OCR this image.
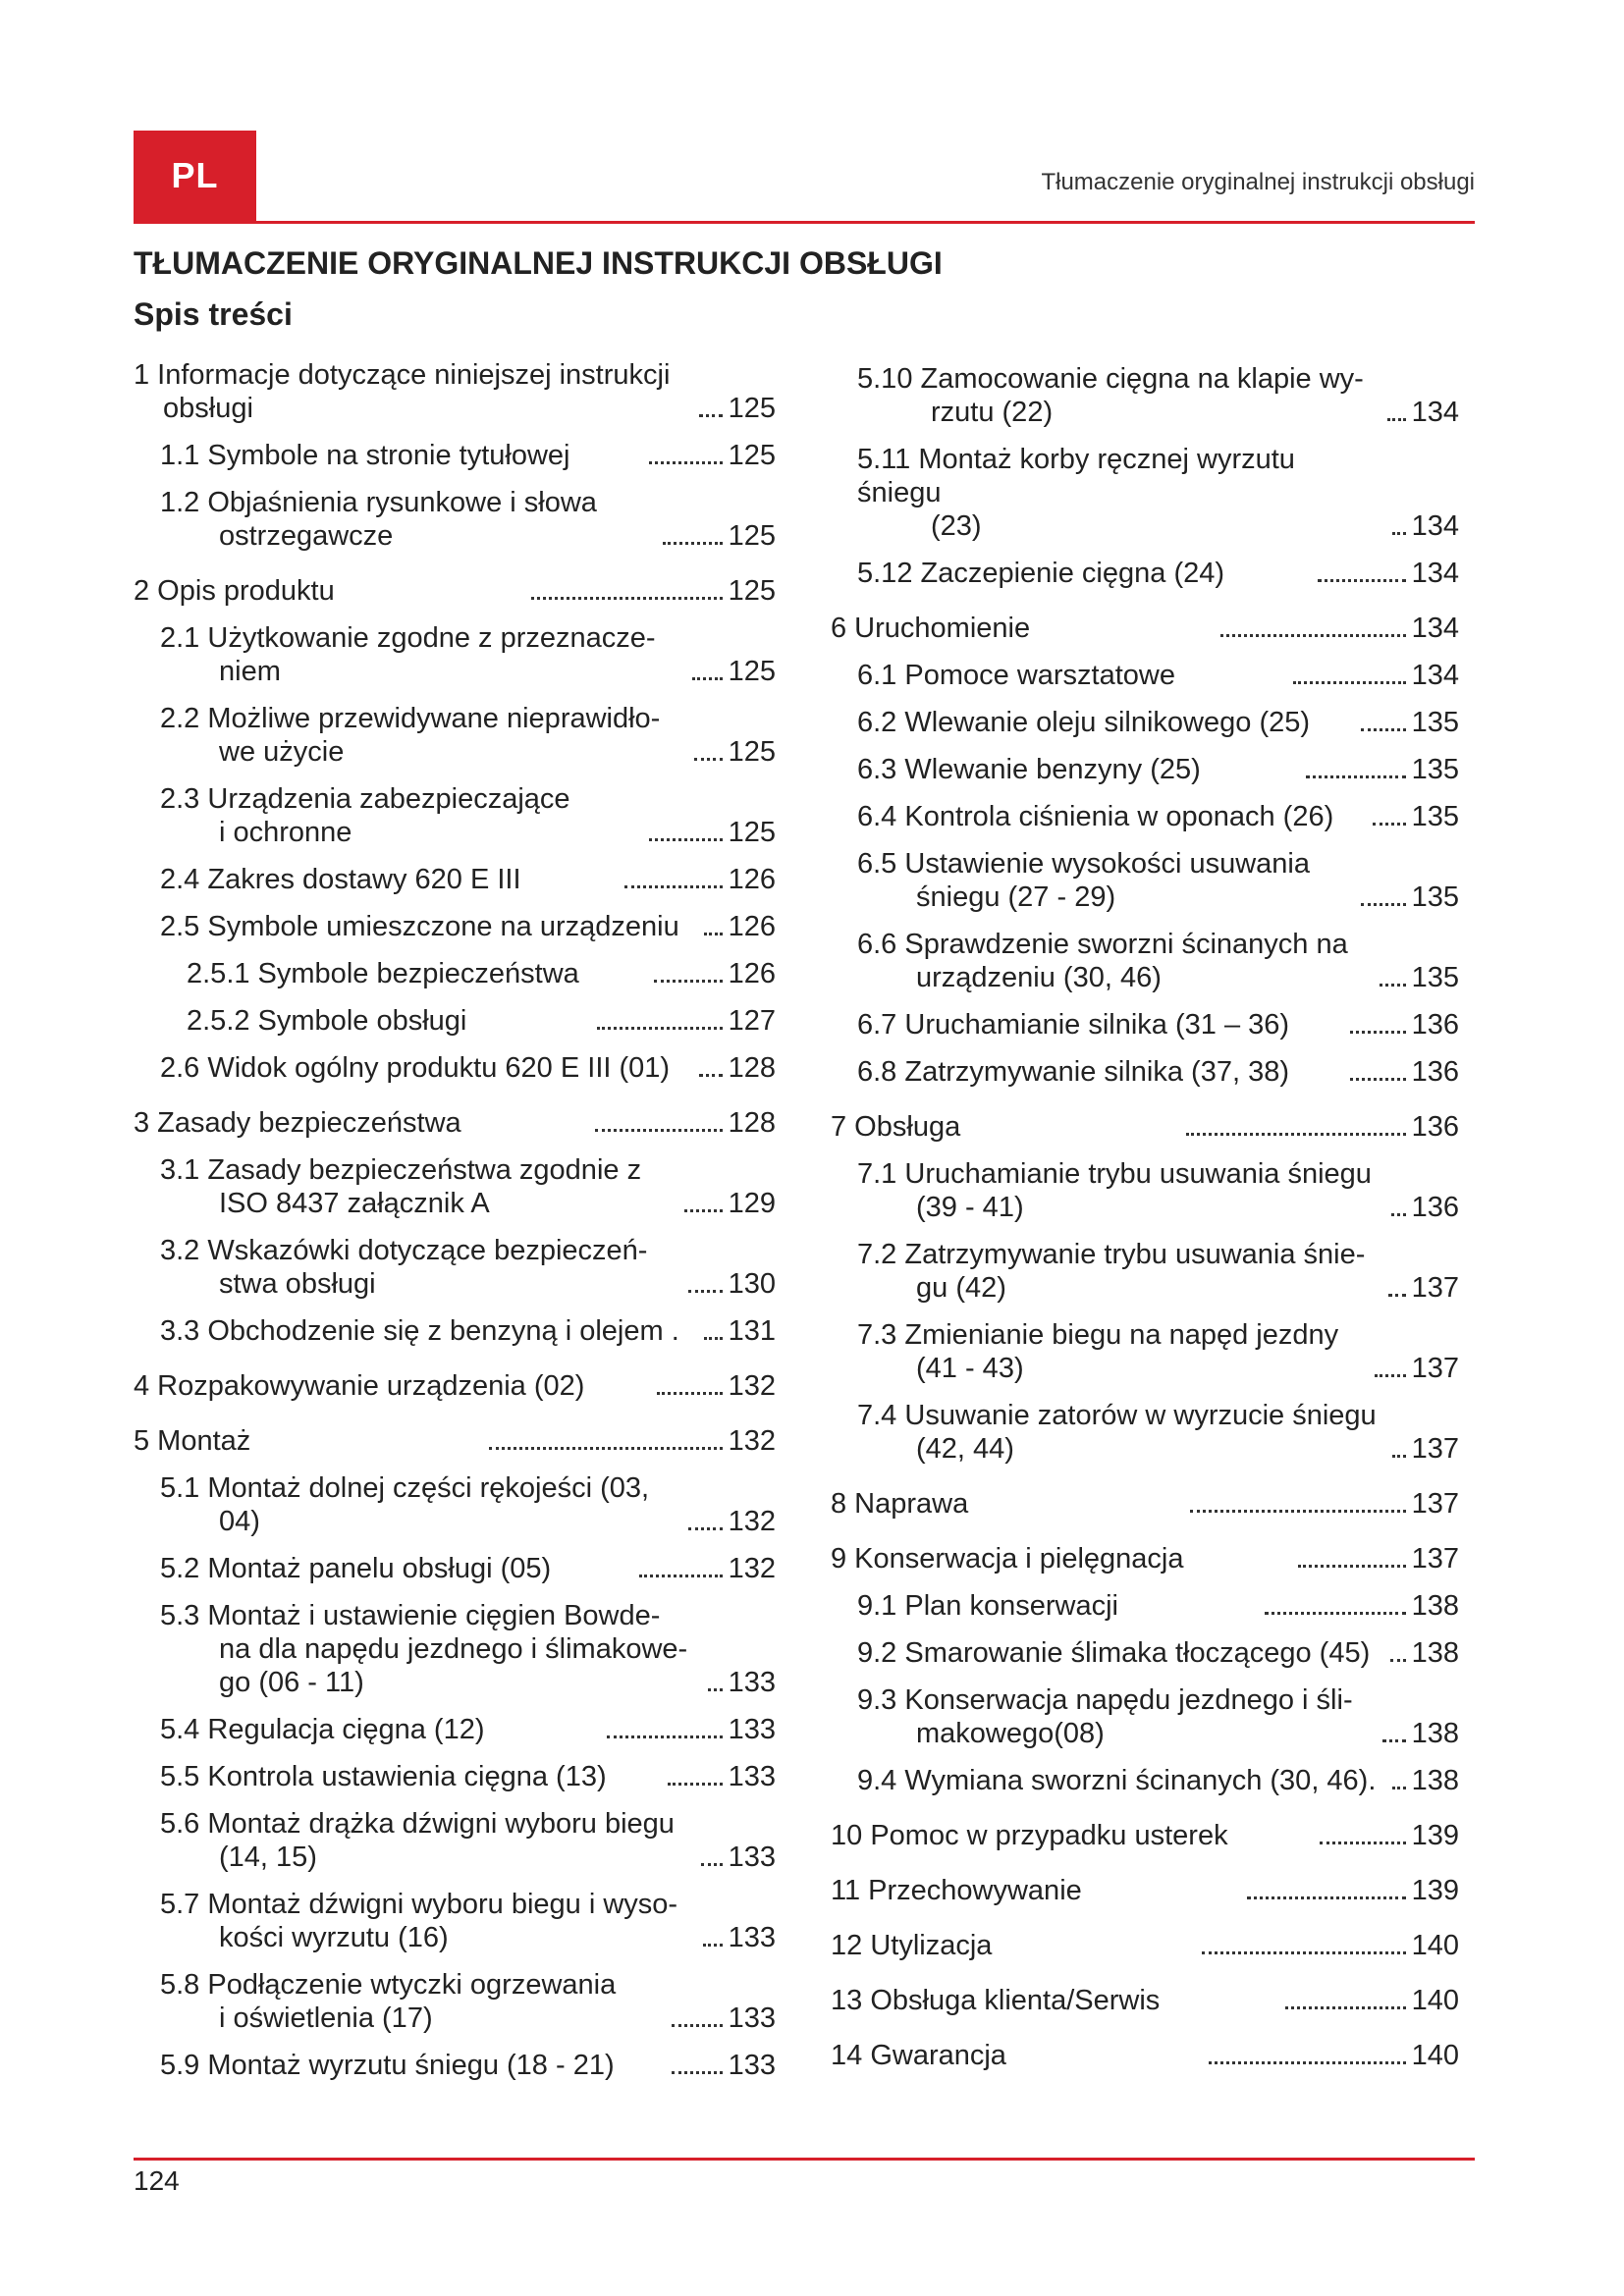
PL	Tłumaczenie oryginalnej instrukcji obsługi
TŁUMACZENIE ORYGINALNEJ INSTRUKCJI OBSŁUGI
Spis treści
1 Informacje dotyczące niniejszej instrukcji
obsługi	125
1.1 Symbole na stronie tytułowej	125
1.2 Objaśnienia rysunkowe i słowa
ostrzegawcze	125
2 Opis produktu	125
2.1 Użytkowanie zgodne z przeznacze-
niem	125
2.2 Możliwe przewidywane nieprawidło-
we użycie	125
2.3 Urządzenia zabezpieczające
i ochronne	125
2.4 Zakres dostawy 620 E III	126
2.5 Symbole umieszczone na urządzeniu 126
2.5.1 Symbole bezpieczeństwa	126
2.5.2 Symbole obsługi	127
2.6 Widok ogólny produktu 620 E III (01) 128
3 Zasady bezpieczeństwa	128
3.1 Zasady bezpieczeństwa zgodnie z
ISO 8437 załącznik A	129
3.2 Wskazówki dotyczące bezpieczeń-
stwa obsługi	130
3.3 Obchodzenie się z benzyną i olejem . 131
4 Rozpakowywanie urządzenia (02)	132
5 Montaż	132
5.1 Montaż dolnej części rękojeści (03,
04)	132
5.2 Montaż panelu obsługi (05)	132
5.3 Montaż i ustawienie cięgien Bowde-
na dla napędu jezdnego i ślimakowe-
go (06 - 11)	133
5.4 Regulacja cięgna (12)	133
5.5 Kontrola ustawienia cięgna (13)	133
5.6 Montaż drążka dźwigni wyboru biegu
(14, 15)	133
5.7 Montaż dźwigni wyboru biegu i wyso-
kości wyrzutu (16)	133
5.8 Podłączenie wtyczki ogrzewania
i oświetlenia (17)	133
5.9 Montaż wyrzutu śniegu (18 - 21)	133
5.10 Zamocowanie cięgna na klapie wy-
rzutu (22)	134
5.11 Montaż korby ręcznej wyrzutu śniegu
(23)	134
5.12 Zaczepienie cięgna (24)	134
6 Uruchomienie	134
6.1 Pomoce warsztatowe	134
6.2 Wlewanie oleju silnikowego (25)	135
6.3 Wlewanie benzyny (25)	135
6.4 Kontrola ciśnienia w oponach (26)	135
6.5 Ustawienie wysokości usuwania
śniegu (27 - 29)	135
6.6 Sprawdzenie sworzni ścinanych na
urządzeniu (30, 46)	135
6.7 Uruchamianie silnika (31 – 36)	136
6.8 Zatrzymywanie silnika (37, 38)	136
7 Obsługa	136
7.1 Uruchamianie trybu usuwania śniegu
(39 - 41)	136
7.2 Zatrzymywanie trybu usuwania śnie-
gu (42)	137
7.3 Zmienianie biegu na napęd jezdny
(41 - 43)	137
7.4 Usuwanie zatorów w wyrzucie śniegu
(42, 44)	137
8 Naprawa	137
9 Konserwacja i pielęgnacja	137
9.1 Plan konserwacji	138
9.2 Smarowanie ślimaka tłoczącego (45) 138
9.3 Konserwacja napędu jezdnego i śli-
makowego(08)	138
9.4 Wymiana sworzni ścinanych (30, 46). 138
10 Pomoc w przypadku usterek	139
11 Przechowywanie	139
12 Utylizacja	140
13 Obsługa klienta/Serwis	140
14 Gwarancja	140
124
